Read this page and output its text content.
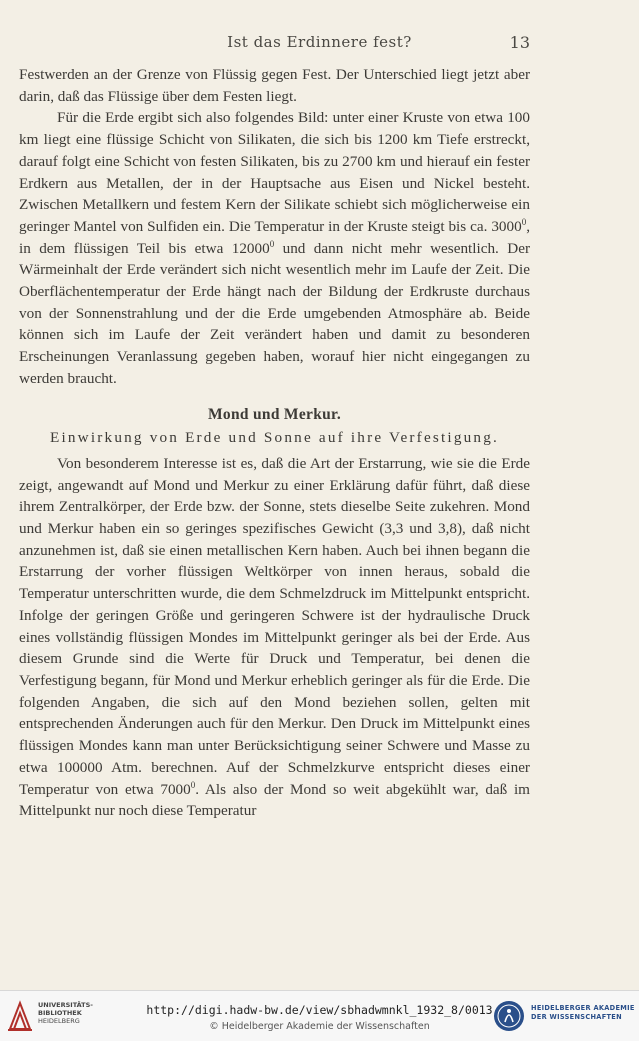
Ist das Erdinnere fest?	13

Festwerden an der Grenze von Flüssig gegen Fest. Der Unterschied liegt jetzt aber darin, daß das Flüssige über dem Festen liegt.

Für die Erde ergibt sich also folgendes Bild: unter einer Kruste von etwa 100 km liegt eine flüssige Schicht von Silikaten, die sich bis 1200 km Tiefe erstreckt, darauf folgt eine Schicht von festen Silikaten, bis zu 2700 km und hierauf ein fester Erdkern aus Metallen, der in der Hauptsache aus Eisen und Nickel besteht. Zwischen Metallkern und festem Kern der Silikate schiebt sich möglicherweise ein geringer Mantel von Sulfiden ein. Die Temperatur in der Kruste steigt bis ca. 3000$^0$, in dem flüssigen Teil bis etwa 12000$^0$ und dann nicht mehr wesentlich. Der Wärmeinhalt der Erde verändert sich nicht wesentlich mehr im Laufe der Zeit. Die Oberflächentemperatur der Erde hängt nach der Bildung der Erdkruste durchaus von der Sonnenstrahlung und der die Erde umgebenden Atmosphäre ab. Beide können sich im Laufe der Zeit verändert haben und damit zu besonderen Erscheinungen Veranlassung gegeben haben, worauf hier nicht eingegangen zu werden braucht.

Mond und Merkur.
Einwirkung von Erde und Sonne auf ihre Verfestigung.

Von besonderem Interesse ist es, daß die Art der Erstarrung, wie sie die Erde zeigt, angewandt auf Mond und Merkur zu einer Erklärung dafür führt, daß diese ihrem Zentralkörper, der Erde bzw. der Sonne, stets dieselbe Seite zukehren. Mond und Merkur haben ein so geringes spezifisches Gewicht (3,3 und 3,8), daß nicht anzunehmen ist, daß sie einen metallischen Kern haben. Auch bei ihnen begann die Erstarrung der vorher flüssigen Weltkörper von innen heraus, sobald die Temperatur unterschritten wurde, die dem Schmelzdruck im Mittelpunkt entspricht. Infolge der geringen Größe und geringeren Schwere ist der hydraulische Druck eines vollständig flüssigen Mondes im Mittelpunkt geringer als bei der Erde. Aus diesem Grunde sind die Werte für Druck und Temperatur, bei denen die Verfestigung begann, für Mond und Merkur erheblich geringer als für die Erde. Die folgenden Angaben, die sich auf den Mond beziehen sollen, gelten mit entsprechenden Änderungen auch für den Merkur. Den Druck im Mittelpunkt eines flüssigen Mondes kann man unter Berücksichtigung seiner Schwere und Masse zu etwa 100000 Atm. berechnen. Auf der Schmelzkurve entspricht dieses einer Temperatur von etwa 7000$^0$. Als also der Mond so weit abgekühlt war, daß im Mittelpunkt nur noch diese Temperatur

UNIVERSITÄTS-
BIBLIOTHEK
HEIDELBERG
http://digi.hadw-bw.de/view/sbhadwmnkl_1932_8/0013
© Heidelberger Akademie der Wissenschaften
HEIDELBERGER AKADEMIE
DER WISSENSCHAFTEN
